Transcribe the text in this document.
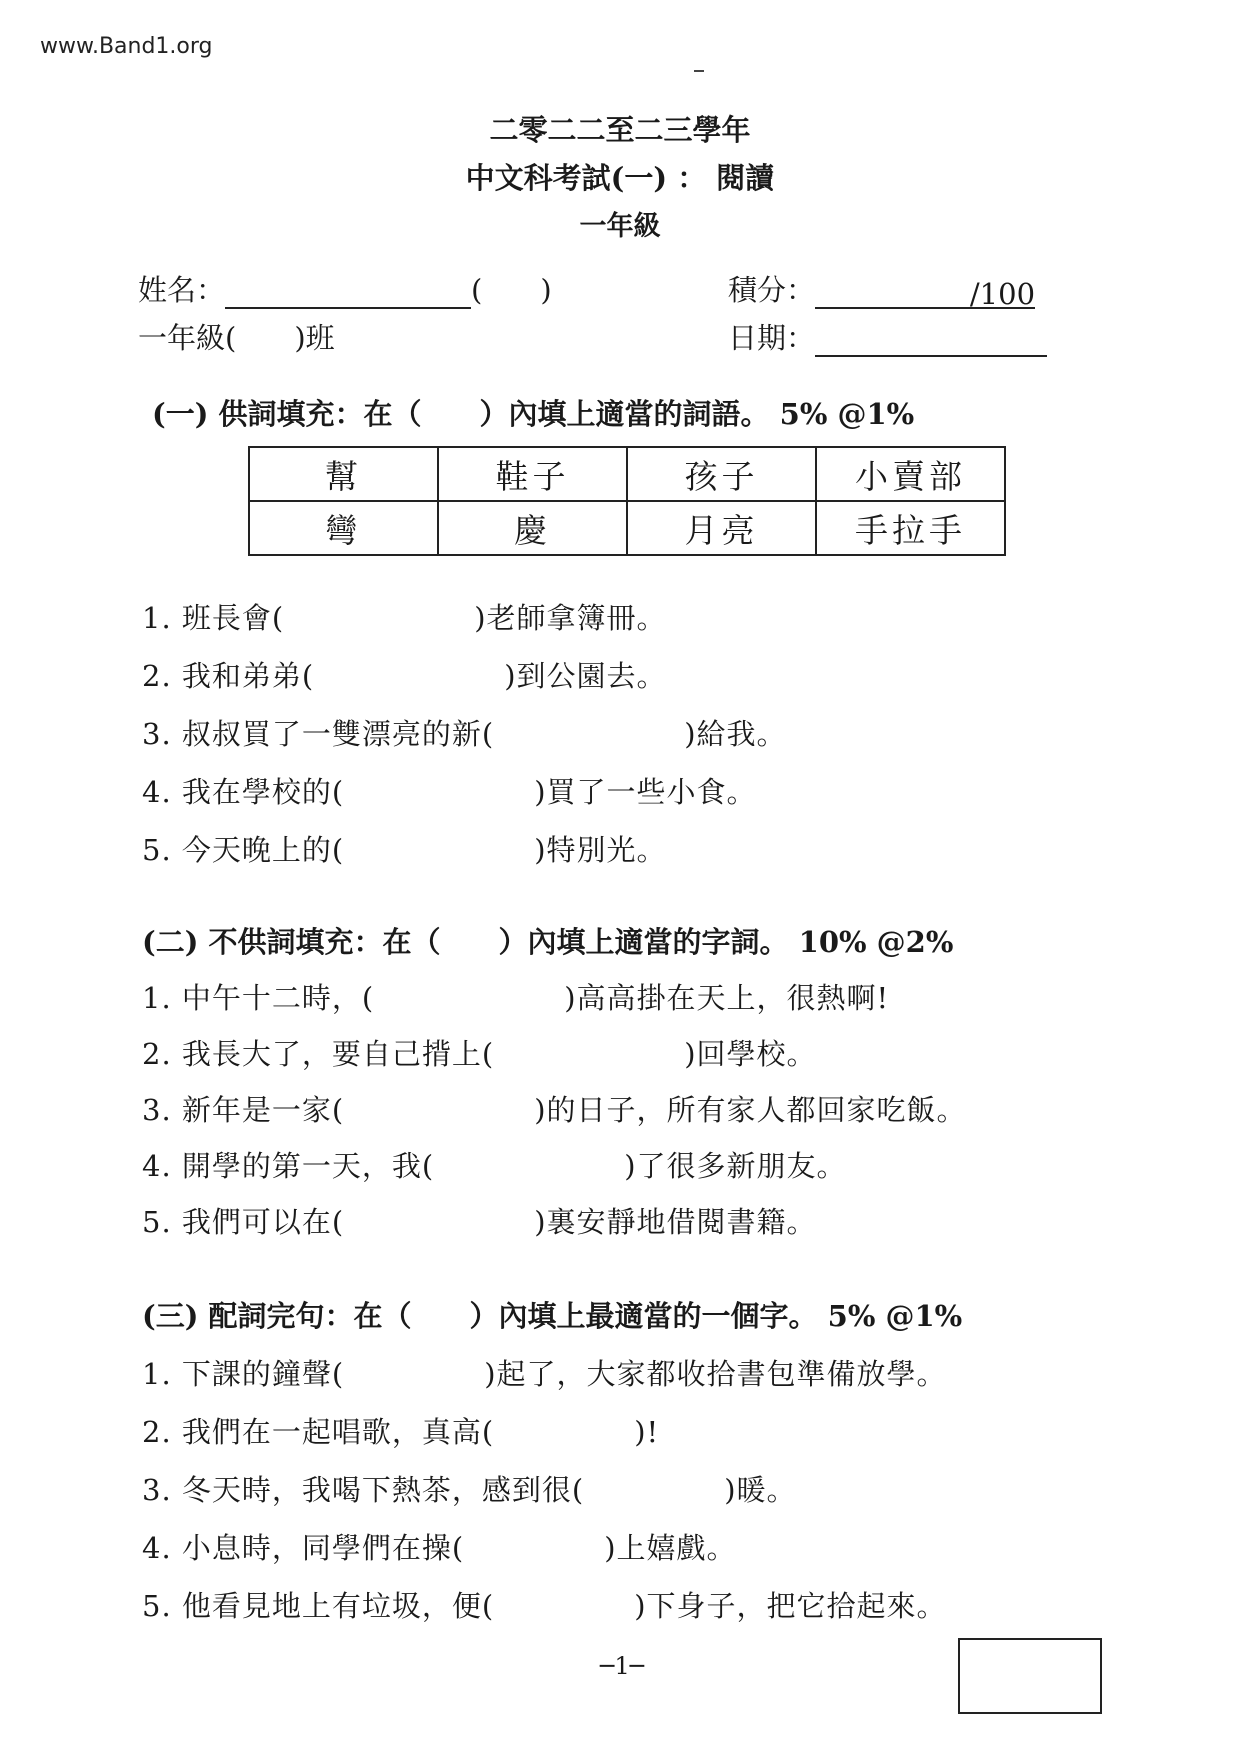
www.Band1.org
二零二二至二三學年
中文科考試(一) ： 閱讀
一年級
姓名：	(　　)	積分：	/100
一年級(　　)班	日期：
(一) 供詞填充：在（　　）內填上適當的詞語。 5% @1%
幫	鞋子	孩子	小賣部
彎	慶	月亮	手拉手
1. 班長會(	)老師拿簿冊。
2. 我和弟弟(	)到公園去。
3. 叔叔買了一雙漂亮的新(	)給我。
4. 我在學校的(	)買了一些小食。
5. 今天晚上的(	)特別光。
(二) 不供詞填充：在（　　）內填上適當的字詞。 10% @2%
1. 中午十二時，(	)高高掛在天上，很熱啊!
2. 我長大了，要自己揹上(	)回學校。
3. 新年是一家(	)的日子，所有家人都回家吃飯。
4. 開學的第一天，我(	)了很多新朋友。
5. 我們可以在(	)裏安靜地借閱書籍。
(三) 配詞完句：在（　　）內填上最適當的一個字。 5% @1%
1. 下課的鐘聲(	)起了，大家都收拾書包準備放學。
2. 我們在一起唱歌，真高(	)!
3. 冬天時，我喝下熱茶，感到很(	)暖。
4. 小息時，同學們在操(	)上嬉戲。
5. 他看見地上有垃圾，便(	)下身子，把它拾起來。
─1─
